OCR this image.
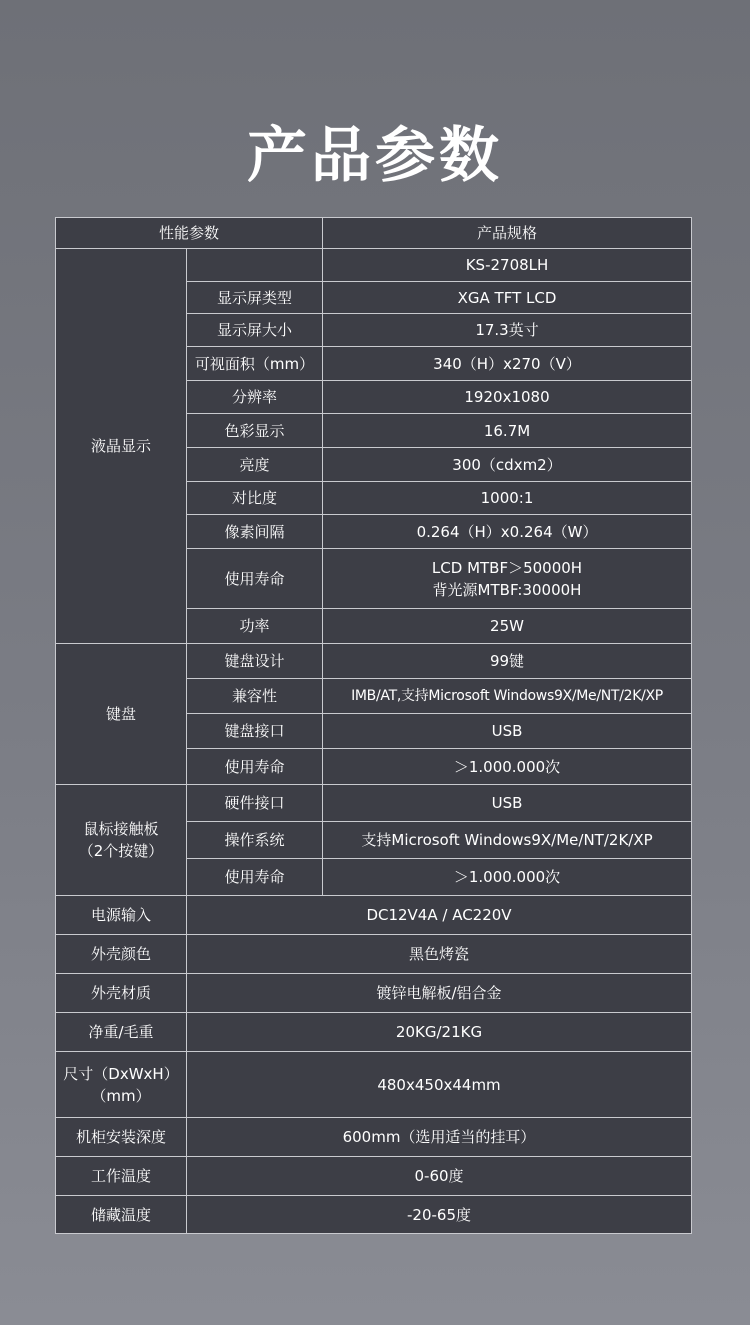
产品参数
性能参数		产品规格
液晶显示		KS-2708LH
	显示屏类型	XGA TFT LCD
	显示屏大小	17.3英寸
	可视面积（mm）	340（H）x270（V）
	分辨率	1920x1080
	色彩显示	16.7M
	亮度	300（cdxm2）
	对比度	1000:1
	像素间隔	0.264（H）x0.264（W）
	使用寿命	LCD MTBF＞50000H
背光源MTBF:30000H

	功率	25W
键盘	键盘设计	99键
	兼容性	IMB/AT,支持Microsoft Windows9X/Me/NT/2K/XP
	键盘接口	USB
	使用寿命	＞1.000.000次

鼠标接触板
（2个按键）	硬件接口	USB
	操作系统	支持Microsoft Windows9X/Me/NT/2K/XP
	使用寿命	＞1.000.000次
电源输入	DC12V4A / AC220V	
外壳颜色	黑色烤瓷	
外壳材质	镀锌电解板/铝合金	
净重/毛重	20KG/21KG	

尺寸（DxWxH）
（mm）	480x450x44mm	
机柜安装深度	600mm（选用适当的挂耳）	
工作温度	0-60度	
储藏温度	-20-65度	
